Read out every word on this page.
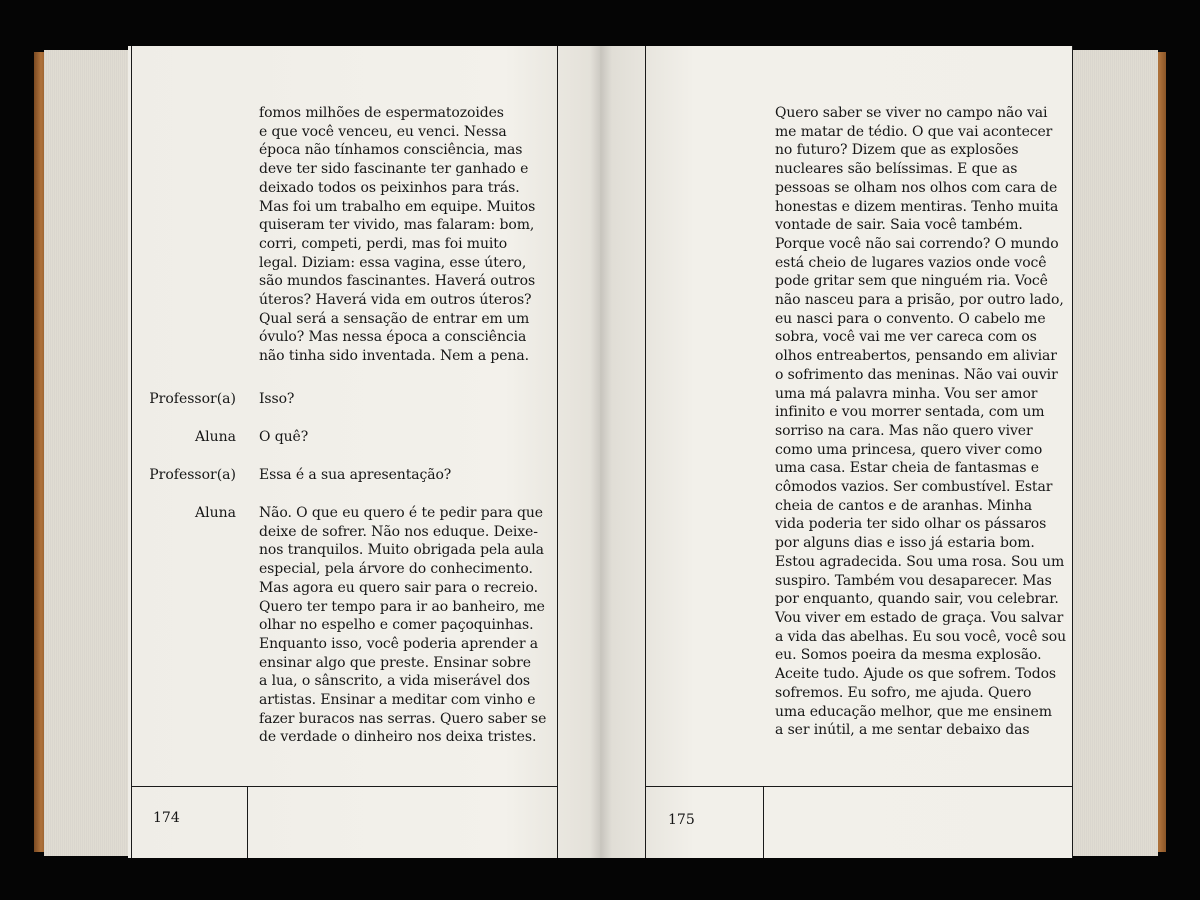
fomos milhões de espermatozoides
e que você venceu, eu venci. Nessa
época não tínhamos consciência, mas
deve ter sido fascinante ter ganhado e
deixado todos os peixinhos para trás.
Mas foi um trabalho em equipe. Muitos
quiseram ter vivido, mas falaram: bom,
corri, competi, perdi, mas foi muito
legal. Diziam: essa vagina, esse útero,
são mundos fascinantes. Haverá outros
úteros? Haverá vida em outros úteros?
Qual será a sensação de entrar em um
óvulo? Mas nessa época a consciência
não tinha sido inventada. Nem a pena.
Professor(a) Isso?
Aluna O quê?
Professor(a) Essa é a sua apresentação?
Aluna Não. O que eu quero é te pedir para que
deixe de sofrer. Não nos eduque. Deixe-
nos tranquilos. Muito obrigada pela aula
especial, pela árvore do conhecimento.
Mas agora eu quero sair para o recreio.
Quero ter tempo para ir ao banheiro, me
olhar no espelho e comer paçoquinhas.
Enquanto isso, você poderia aprender a
ensinar algo que preste. Ensinar sobre
a lua, o sânscrito, a vida miserável dos
artistas. Ensinar a meditar com vinho e
fazer buracos nas serras. Quero saber se
de verdade o dinheiro nos deixa tristes.
174
Quero saber se viver no campo não vai
me matar de tédio. O que vai acontecer
no futuro? Dizem que as explosões
nucleares são belíssimas. E que as
pessoas se olham nos olhos com cara de
honestas e dizem mentiras. Tenho muita
vontade de sair. Saia você também.
Porque você não sai correndo? O mundo
está cheio de lugares vazios onde você
pode gritar sem que ninguém ria. Você
não nasceu para a prisão, por outro lado,
eu nasci para o convento. O cabelo me
sobra, você vai me ver careca com os
olhos entreabertos, pensando em aliviar
o sofrimento das meninas. Não vai ouvir
uma má palavra minha. Vou ser amor
infinito e vou morrer sentada, com um
sorriso na cara. Mas não quero viver
como uma princesa, quero viver como
uma casa. Estar cheia de fantasmas e
cômodos vazios. Ser combustível. Estar
cheia de cantos e de aranhas. Minha
vida poderia ter sido olhar os pássaros
por alguns dias e isso já estaria bom.
Estou agradecida. Sou uma rosa. Sou um
suspiro. Também vou desaparecer. Mas
por enquanto, quando sair, vou celebrar.
Vou viver em estado de graça. Vou salvar
a vida das abelhas. Eu sou você, você sou
eu. Somos poeira da mesma explosão.
Aceite tudo. Ajude os que sofrem. Todos
sofremos. Eu sofro, me ajuda. Quero
uma educação melhor, que me ensinem
a ser inútil, a me sentar debaixo das
175
